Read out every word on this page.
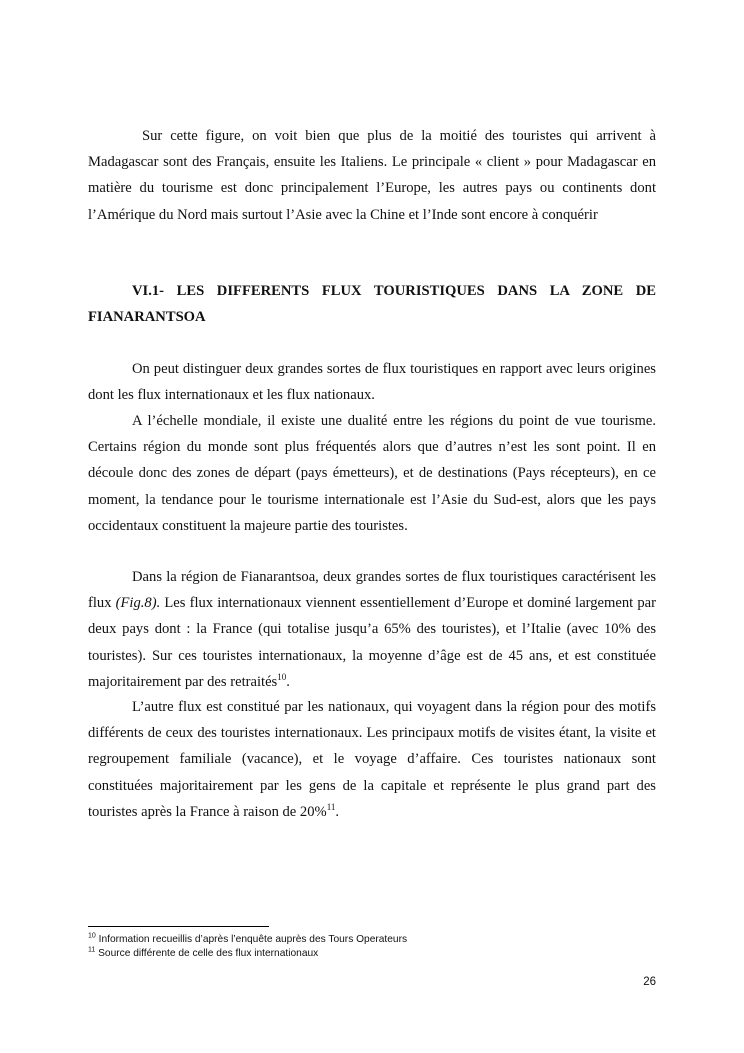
Sur cette figure, on voit bien que plus de la moitié des touristes qui arrivent à Madagascar sont des Français, ensuite les Italiens. Le principale « client » pour Madagascar en matière du tourisme est donc principalement l’Europe, les autres pays ou continents dont l’Amérique du Nord mais surtout l’Asie avec la Chine et l’Inde sont encore à conquérir

VI.1- LES DIFFERENTS FLUX TOURISTIQUES DANS LA ZONE DE FIANARANTSOA

On peut distinguer deux grandes sortes de flux touristiques en rapport avec leurs origines dont les flux internationaux et les flux nationaux.

A l’échelle mondiale, il existe une dualité entre les régions du point de vue tourisme. Certains région du monde sont plus fréquentés alors que d’autres n’est les sont point. Il en découle donc des zones de départ (pays émetteurs), et de destinations (Pays récepteurs), en ce moment, la tendance pour le tourisme internationale est l’Asie du Sud-est, alors que les pays occidentaux constituent la majeure partie des touristes.

Dans la région de Fianarantsoa, deux grandes sortes de flux touristiques caractérisent les flux (Fig.8). Les flux internationaux viennent essentiellement d’Europe et dominé largement par deux pays dont : la France (qui totalise jusqu’a 65% des touristes), et l’Italie (avec 10% des touristes). Sur ces touristes internationaux, la moyenne d’âge est de 45 ans, et est constituée majoritairement par des retraités$^{10}$.

L’autre flux est constitué par les nationaux, qui voyagent dans la région pour des motifs différents de ceux des touristes internationaux. Les principaux motifs de visites étant, la visite et regroupement familiale (vacance), et le voyage d’affaire. Ces touristes nationaux sont constituées majoritairement par les gens de la capitale et représente le plus grand part des touristes après la France à raison de 20%$^{11}$.

$^{10}$ Information recueillis d’après l’enquête auprès des Tours Operateurs

$^{11}$ Source différente de celle des flux internationaux

26
